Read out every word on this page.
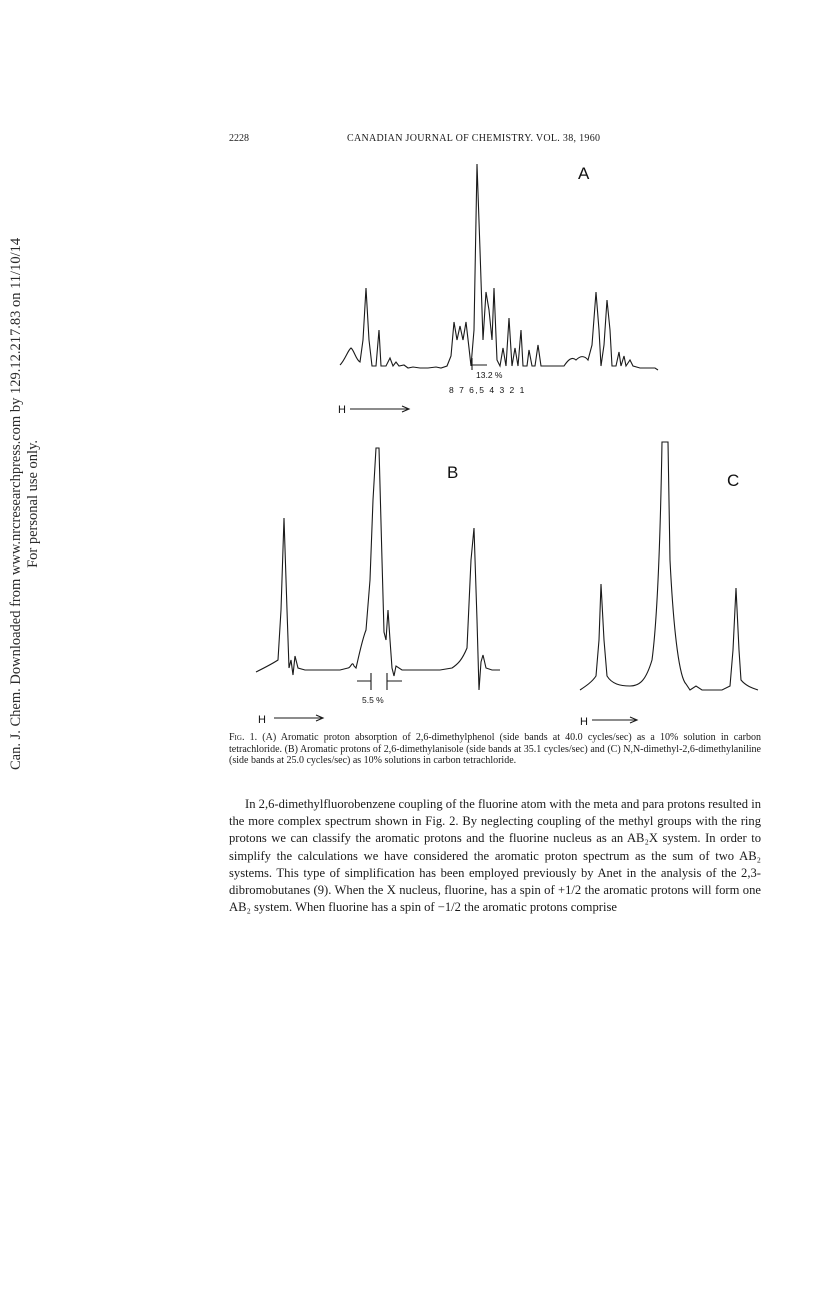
Can. J. Chem. Downloaded from www.nrcresearchpress.com by 129.12.217.83 on 11/10/14 For personal use only.
2228	CANADIAN JOURNAL OF CHEMISTRY. VOL. 38, 1960
A
13.2 %
8 7 6,5 4 3 2 1
H
B
5.5 %
H
C
H
Fig. 1. (A) Aromatic proton absorption of 2,6-dimethylphenol (side bands at 40.0 cycles/sec) as a 10% solution in carbon tetrachloride. (B) Aromatic protons of 2,6-dimethylanisole (side bands at 35.1 cycles/sec) and (C) N,N-dimethyl-2,6-dimethylaniline (side bands at 25.0 cycles/sec) as 10% solutions in carbon tetrachloride.

In 2,6-dimethylfluorobenzene coupling of the fluorine atom with the meta and para protons resulted in the more complex spectrum shown in Fig. 2. By neglecting coupling of the methyl groups with the ring protons we can classify the aromatic protons and the fluorine nucleus as an AB₂X system. In order to simplify the calculations we have considered the aromatic proton spectrum as the sum of two AB₂ systems. This type of simplification has been employed previously by Anet in the analysis of the 2,3-dibromobutanes (9). When the X nucleus, fluorine, has a spin of +1/2 the aromatic protons will form one AB₂ system. When fluorine has a spin of −1/2 the aromatic protons comprise
